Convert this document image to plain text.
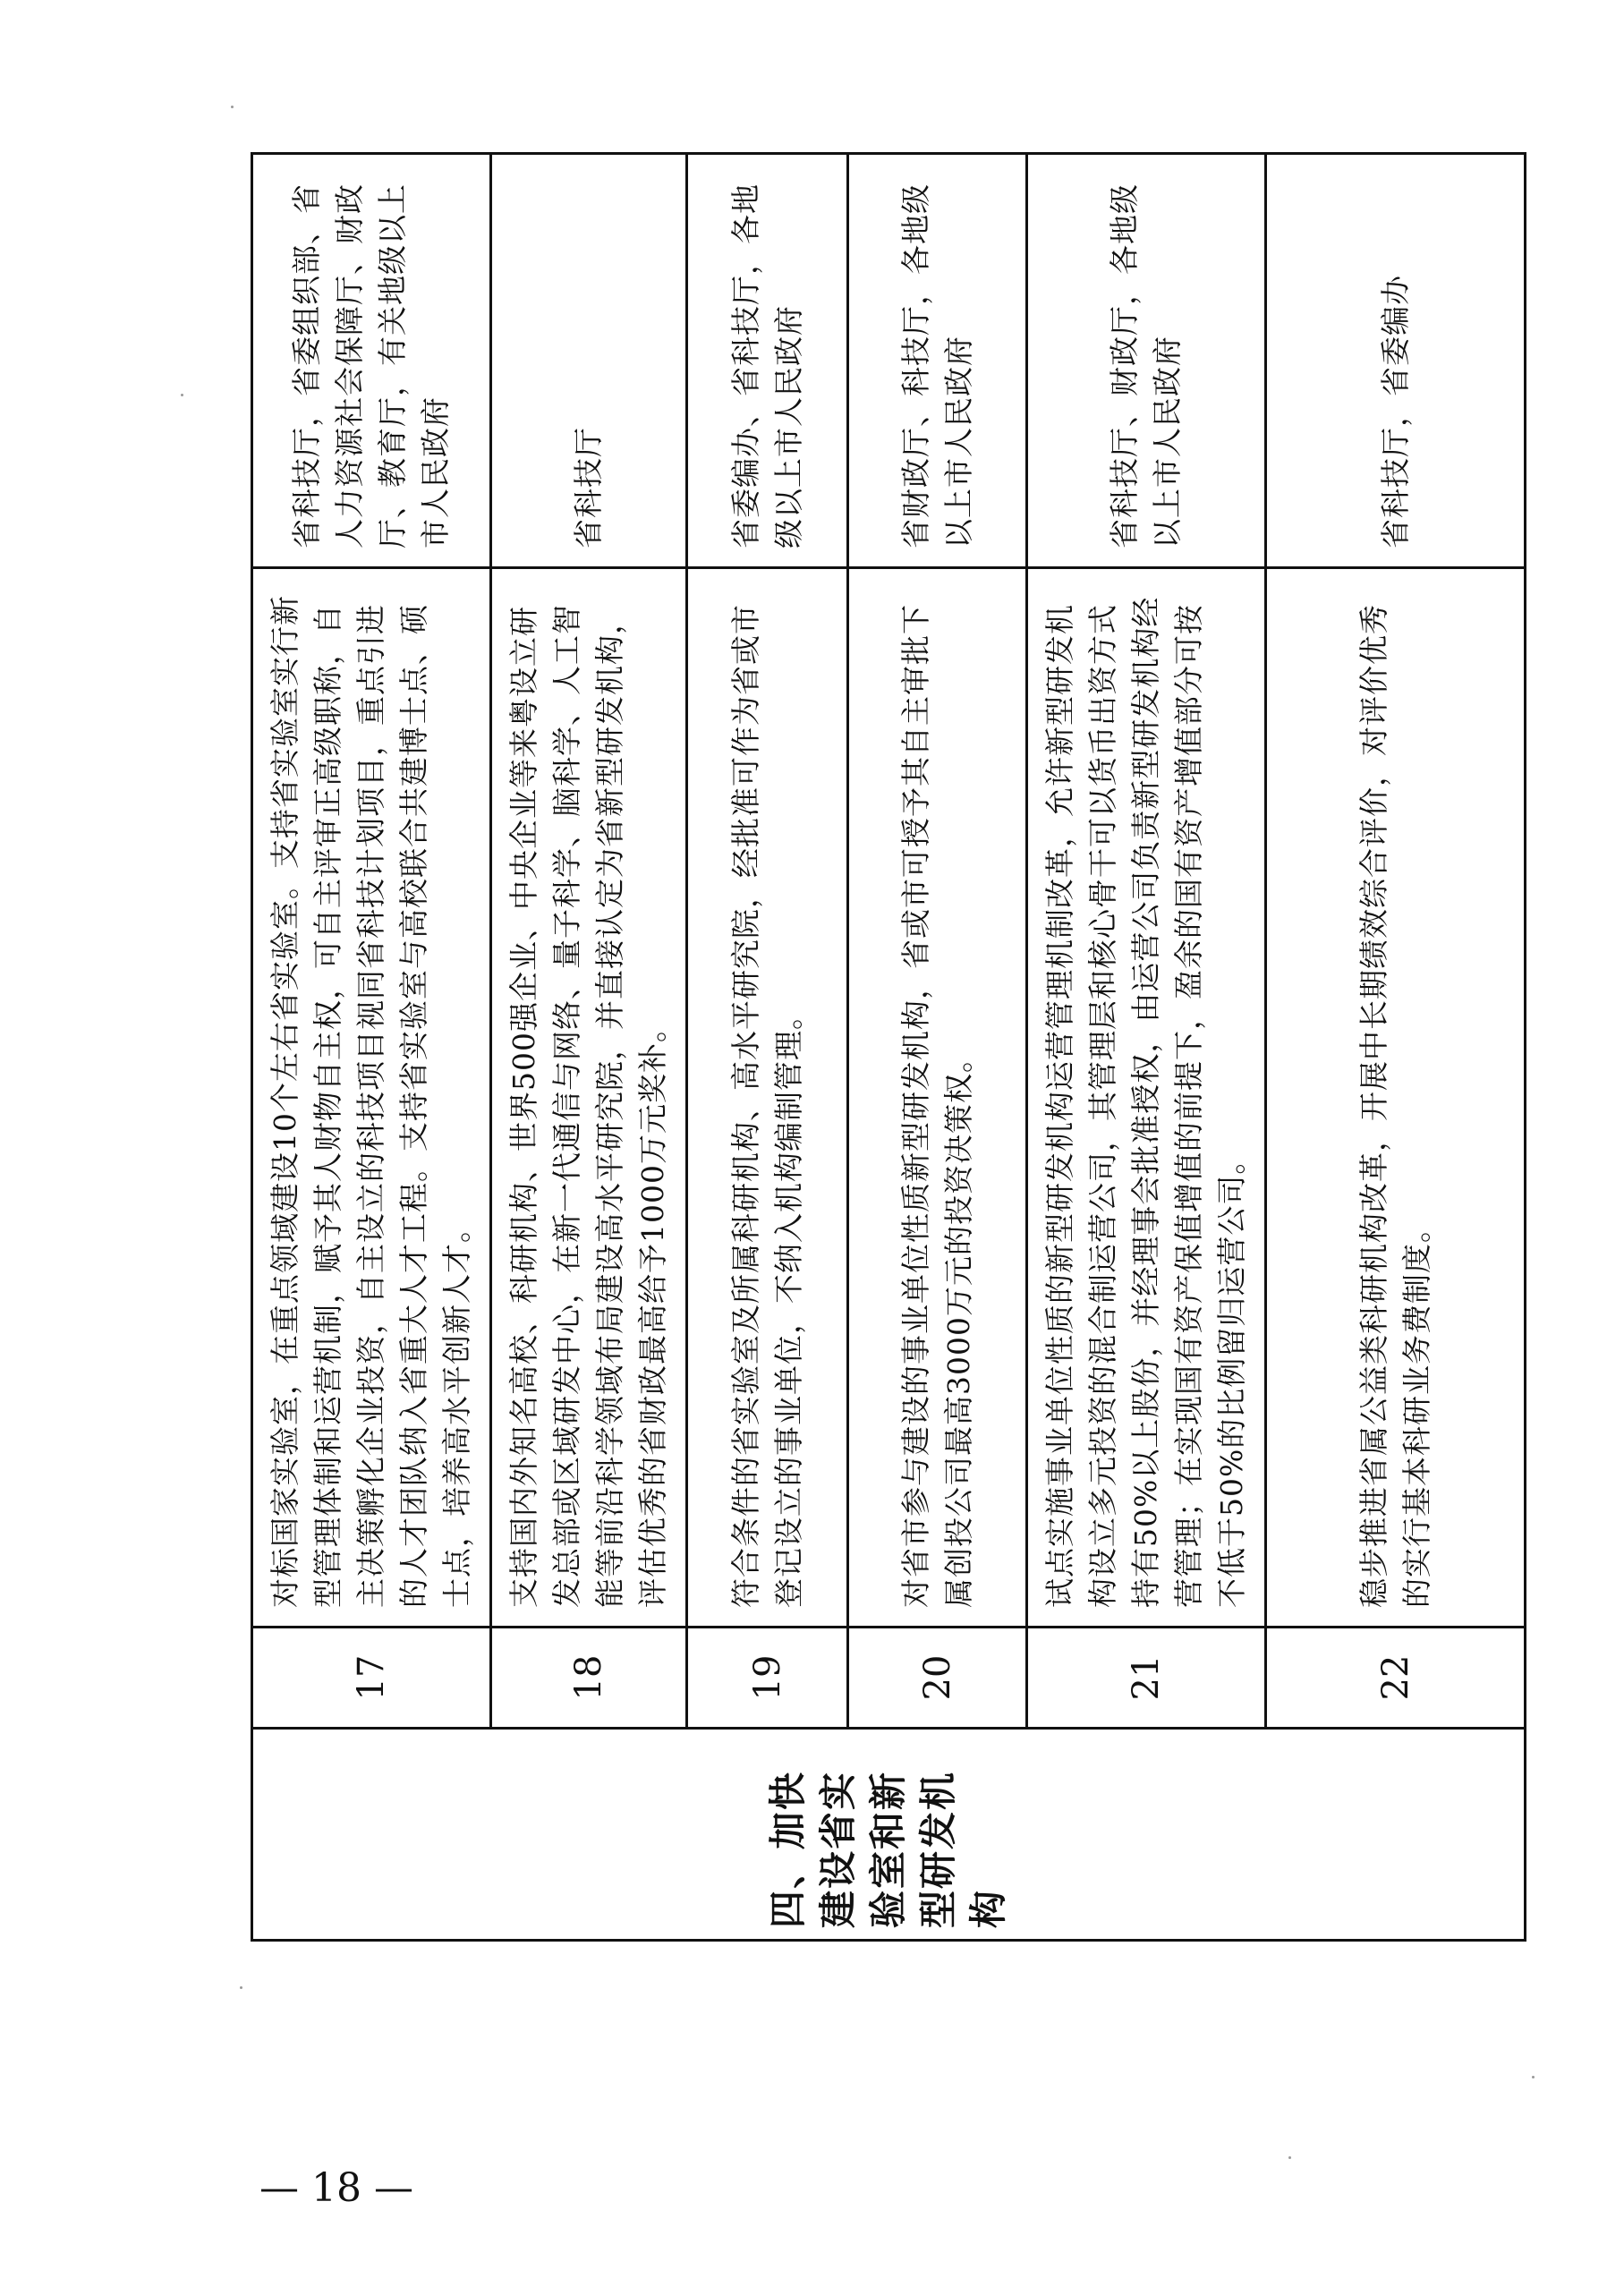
四、加快建设省实验室和新型研发机构	17	对标国家实验室，在重点领域建设10个左右省实验室。支持省实验室实行新型管理体制和运营机制，赋予其人财物自主权，可自主评审正高级职称，自主决策孵化企业投资，自主设立的科技项目视同省科技计划项目，重点引进的人才团队纳入省重大人才工程。支持省实验室与高校联合共建博士点、硕士点，培养高水平创新人才。	省科技厅，省委组织部、省人力资源社会保障厅、财政厅、教育厅，有关地级以上市人民政府
	18	支持国内外知名高校、科研机构、世界500强企业、中央企业等来粤设立研发总部或区域研发中心，在新一代通信与网络、量子科学、脑科学、人工智能等前沿科学领域布局建设高水平研究院，并直接认定为省新型研发机构，评估优秀的省财政最高给予1000万元奖补。	省科技厅
	19	符合条件的省实验室及所属科研机构、高水平研究院，经批准可作为省或市登记设立的事业单位，不纳入机构编制管理。	省委编办、省科技厅，各地级以上市人民政府
	20	对省市参与建设的事业单位性质新型研发机构，省或市可授予其自主审批下属创投公司最高3000万元的投资决策权。	省财政厅、科技厅，各地级以上市人民政府
	21	试点实施事业单位性质的新型研发机构运营管理机制改革，允许新型研发机构设立多元投资的混合制运营公司，其管理层和核心骨干可以货币出资方式持有50%以上股份，并经理事会批准授权，由运营公司负责新型研发机构经营管理；在实现国有资产保值增值的前提下，盈余的国有资产增值部分可按不低于50%的比例留归运营公司。	省科技厅、财政厅，各地级以上市人民政府
	22	稳步推进省属公益类科研机构改革，开展中长期绩效综合评价，对评价优秀的实行基本科研业务费制度。	省科技厅，省委编办
— 18 —
